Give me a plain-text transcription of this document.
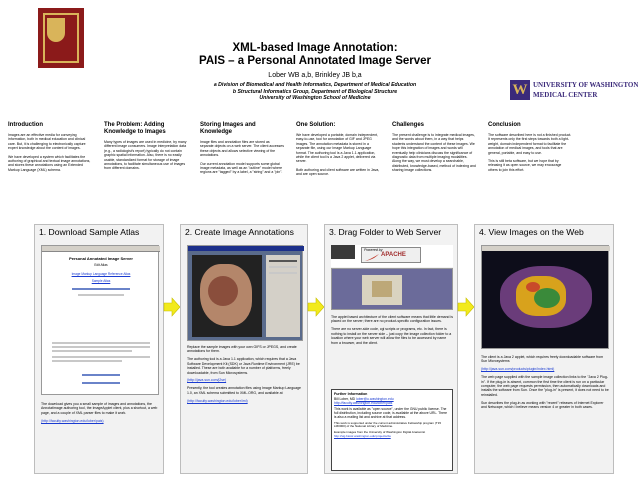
XML-based Image Annotation:
PAIS – a Personal Annotated Image Server
Lober WB a,b, Brinkley JB b,a
a Division of Biomedical and Health Informatics, Department of Medical Education
b Structural Informatics Group, Department of Biological Structure
University of Washington School of Medicine	W UNIVERSITY OF WASHINGTON
MEDICAL CENTER
Introduction

Images are an effective media for conveying information, both in medical education and clinical care. But, it is challenging to electronically capture expert knowledge about the content of images.

We have developed a system which facilitates the authoring of graphical and textual image annotations, and stores these annotations using an Extended Markup Language (XML) schema.

The Problem: Adding Knowledge to Images

Many types of images are used in medicine, by many different image consumers. Image interpretation data (e.g., a radiologist's report) typically do not contain graphic spatial information. Also, there is no easily usable, standardized format for storage of image annotations, to facilitate simultaneous use of images from different domains.

Storing Images and Knowledge

Image files and annotation files are stored as separate objects on a web server. The client accesses these objects and allows selective viewing of the annotations.

Our current annotation model supports some global image metadata, as well as an "outline" model where regions are "tagged" by a label, a "string" and a "pin".

One Solution:

We have developed a portable, domain independent, easy-to-use, tool for annotation of GIF and JPEG images. The annotation metadata is stored in a separate file, using our Image Markup Language format. The authoring tool is a Java 1.1 application, while the client tool is a Java 2 applet, delivered via server.

Both authoring and client software are written in Java, and are open source.

Challenges

The present challenge is to integrate medical images, and the words about them, in a way that helps students understand the content of these images. We hope this integration of images and words will eventually help clinicians discuss the significance of diagnostic data from multiple imaging modalities. Along the way, we must develop a searchable, distributed, knowledge-based, method of indexing and sharing image collections.

Conclusion

The software described here is not a finished product. It represents only the first steps towards both a light-weight, domain independent format to facilitate the annotation of medical images, and tools that are general, portable, and easy to use.

This is still beta software, but we hope that by releasing it as open source, we may encourage others to join this effort.

1. Download Sample Atlas
Personal Annotated Image Server
Edit Atlas
Image Markup Language Reference Atlas
Sample Atlas

The download gives you a small sample of images and annotations, the Annotatimage authoring tool, the ImageApplet client, plus a shortcut, a web page, and a couple of XML parser files to make it work.

(http://faculty.washington.edu/lober/pais)

2. Create Image Annotations

Replace the sample images with your own GIFS or JPEGS, and create annotations for them.

The authoring tool is a Java 1.1 application, which requires that a Java Software Development Kit (SDK) or Java Runtime Environment (JRE) be installed. These are both available for a number of platforms, freely downloadable, from Sun Microsystems.

(http://java.sun.com/j2se)

Presently, the tool creates annotation files using Image Markup Language 1.0, an XML schema submitted to XML.ORG, and available at

(http://faculty.washington.edu/lober/iml)

3. Drag Folder to Web Server
Powered by
APACHE

The applet based architecture of the client software means that little demand is placed on the server; there are no product-specific configuration issues.

There are no server-side code, cgi scripts or programs, etc. In fact, there is nothing to install on the server side – just copy the image collection folder to a location where your web server will allow the files to be accessed by name from a browser, and the client.

Further Information
Bill Lober, MD lober@u.washington.edu
http://faculty.washington.edu/lober/pais
This work is available as "open source", under the GNU public license. The full distribution, including source code, is available at the above URL. There is also a mailing list and archive at that address.
This work is supported under the current administrative Fellowship program (T15 LM0000) of the National Library of Medicine.
Example images from the University of Washington Digital Anatomist
http://sig.biostr.washington.edu/projects/da
4. View Images on the Web

The client is a Java 2 applet, which requires freely downloadable software from Sun Microsystems

(http://java.sun.com/products/plugin/index.html)

The web page supplied with the sample image collection links to the "Java 2 Plug-in". If the plug-in is absent, common the first time the client is run on a particular computer, the web page requests permission, then automatically downloads and installs the software from Sun. Once the "plug-in" is present, it does not need to be reinstalled.

Sun describes the plug-in as working with "recent" releases of Internet Explorer and Netscape, which I believe means version 4 or greater in both cases.
